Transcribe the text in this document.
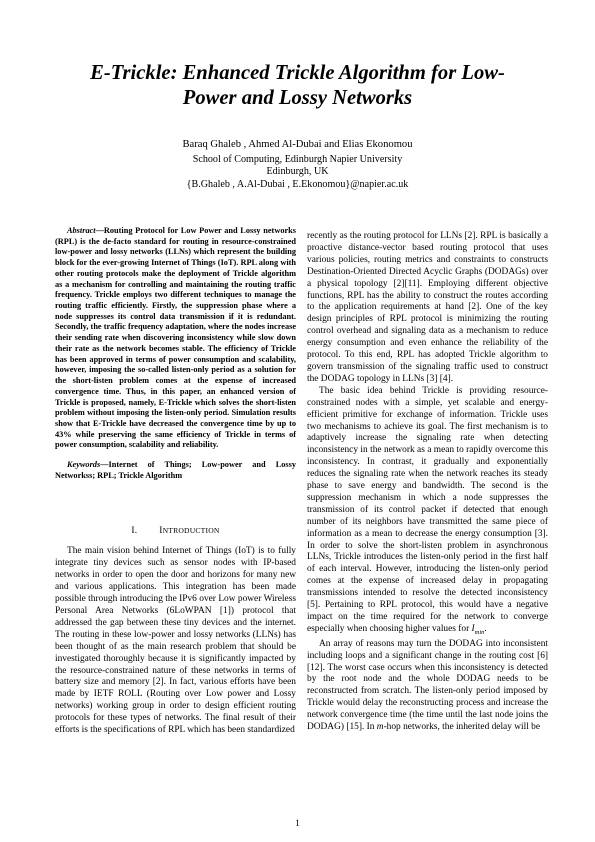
E-Trickle: Enhanced Trickle Algorithm for Low-
Power and Lossy Networks
Baraq Ghaleb , Ahmed Al-Dubai and Elias Ekonomou
School of Computing, Edinburgh Napier University
Edinburgh, UK
{B.Ghaleb , A.Al-Dubai , E.Ekonomou}@napier.ac.uk

Abstract—Routing Protocol for Low Power and Lossy networks (RPL) is the de-facto standard for routing in resource-constrained low-power and lossy networks (LLNs) which represent the building block for the ever-growing Internet of Things (IoT). RPL along with other routing protocols make the deployment of Trickle algorithm as a mechanism for controlling and maintaining the routing traffic frequency. Trickle employs two different techniques to manage the routing traffic efficiently. Firstly, the suppression phase where a node suppresses its control data transmission if it is redundant. Secondly, the traffic frequency adaptation, where the nodes increase their sending rate when discovering inconsistency while slow down their rate as the network becomes stable. The efficiency of Trickle has been approved in terms of power consumption and scalability, however, imposing the so-called listen-only period as a solution for the short-listen problem comes at the expense of increased convergence time. Thus, in this paper, an enhanced version of Trickle is proposed, namely, E-Trickle which solves the short-listen problem without imposing the listen-only period. Simulation results show that E-Trickle have decreased the convergence time by up to 43% while preserving the same efficiency of Trickle in terms of power consumption, scalability and reliability.

Keywords—Internet of Things; Low-power and Lossy Networkss; RPL; Trickle Algorithm

I. INTRODUCTION

The main vision behind Internet of Things (IoT) is to fully integrate tiny devices such as sensor nodes with IP-based networks in order to open the door and horizons for many new and various applications. This integration has been made possible through introducing the IPv6 over Low power Wireless Personal Area Networks (6LoWPAN [1]) protocol that addressed the gap between these tiny devices and the internet. The routing in these low-power and lossy networks (LLNs) has been thought of as the main research problem that should be investigated thoroughly because it is significantly impacted by the resource-constrained nature of these networks in terms of battery size and memory [2]. In fact, various efforts have been made by IETF ROLL (Routing over Low power and Lossy networks) working group in order to design efficient routing protocols for these types of networks. The final result of their efforts is the specifications of RPL which has been standardized

recently as the routing protocol for LLNs [2]. RPL is basically a proactive distance-vector based routing protocol that uses various policies, routing metrics and constraints to constructs Destination-Oriented Directed Acyclic Graphs (DODAGs) over a physical topology [2][11]. Employing different objective functions, RPL has the ability to construct the routes according to the application requirements at hand [2]. One of the key design principles of RPL protocol is minimizing the routing control overhead and signaling data as a mechanism to reduce energy consumption and even enhance the reliability of the protocol. To this end, RPL has adopted Trickle algorithm to govern transmission of the signaling traffic used to construct the DODAG topology in LLNs [3] [4].

The basic idea behind Trickle is providing resource-constrained nodes with a simple, yet scalable and energy-efficient primitive for exchange of information. Trickle uses two mechanisms to achieve its goal. The first mechanism is to adaptively increase the signaling rate when detecting inconsistency in the network as a mean to rapidly overcome this inconsistency. In contrast, it gradually and exponentially reduces the signaling rate when the network reaches its steady phase to save energy and bandwidth. The second is the suppression mechanism in which a node suppresses the transmission of its control packet if detected that enough number of its neighbors have transmitted the same piece of information as a mean to decrease the energy consumption [3]. In order to solve the short-listen problem in asynchronous LLNs, Trickle introduces the listen-only period in the first half of each interval. However, introducing the listen-only period comes at the expense of increased delay in propagating transmissions intended to resolve the detected inconsistency [5]. Pertaining to RPL protocol, this would have a negative impact on the time required for the network to converge especially when choosing higher values for $I_{min}$.

An array of reasons may turn the DODAG into inconsistent including loops and a significant change in the routing cost [6] [12]. The worst case occurs when this inconsistency is detected by the root node and the whole DODAG needs to be reconstructed from scratch. The listen-only period imposed by Trickle would delay the reconstructing process and increase the network convergence time (the time until the last node joins the DODAG) [15]. In m-hop networks, the inherited delay will be

1
